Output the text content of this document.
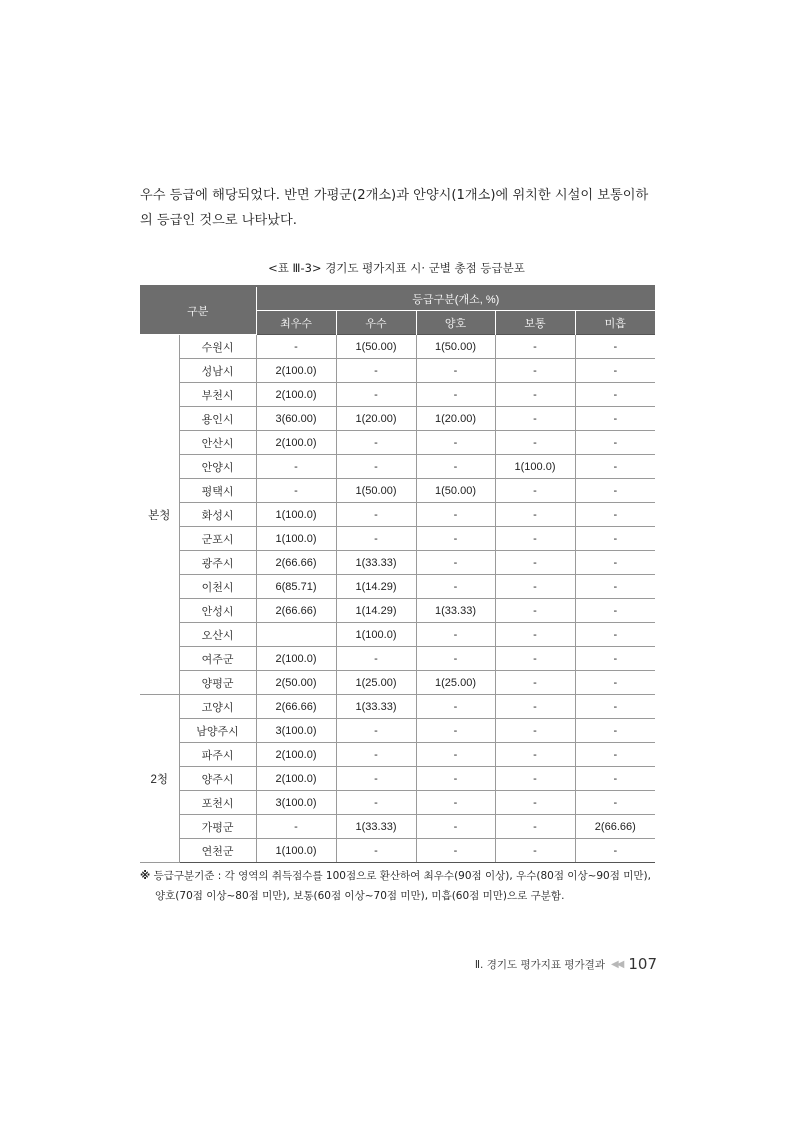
우수 등급에 해당되었다. 반면 가평군(2개소)과 안양시(1개소)에 위치한 시설이 보통이하
의 등급인 것으로 나타났다.
<표 Ⅲ-3> 경기도 평가지표 시· 군별 총점 등급분포
구분		등급구분(개소, %)				
		최우수	우수	양호	보통	미흡
본청	수원시	-	1(50.00)	1(50.00)	-	-
	성남시	2(100.0)	-	-	-	-
	부천시	2(100.0)	-	-	-	-
	용인시	3(60.00)	1(20.00)	1(20.00)	-	-
	안산시	2(100.0)	-	-	-	-
	안양시	-	-	-	1(100.0)	-
	평택시	-	1(50.00)	1(50.00)	-	-
	화성시	1(100.0)	-	-	-	-
	군포시	1(100.0)	-	-	-	-
	광주시	2(66.66)	1(33.33)	-	-	-
	이천시	6(85.71)	1(14.29)	-	-	-
	안성시	2(66.66)	1(14.29)	1(33.33)	-	-
	오산시		1(100.0)	-	-	-
	여주군	2(100.0)	-	-	-	-
	양평군	2(50.00)	1(25.00)	1(25.00)	-	-
2청	고양시	2(66.66)	1(33.33)	-	-	-
	남양주시	3(100.0)	-	-	-	-
	파주시	2(100.0)	-	-	-	-
	양주시	2(100.0)	-	-	-	-
	포천시	3(100.0)	-	-	-	-
	가평군	-	1(33.33)	-	-	2(66.66)
	연천군	1(100.0)	-	-	-	-
※ 등급구분기준 : 각 영역의 취득점수를 100점으로 환산하여 최우수(90점 이상), 우수(80점 이상~90점 미만),
양호(70점 이상~80점 미만), 보통(60점 이상~70점 미만), 미흡(60점 미만)으로 구분함.
Ⅱ. 경기도 평가지표 평가결과 ◀◀ 107
